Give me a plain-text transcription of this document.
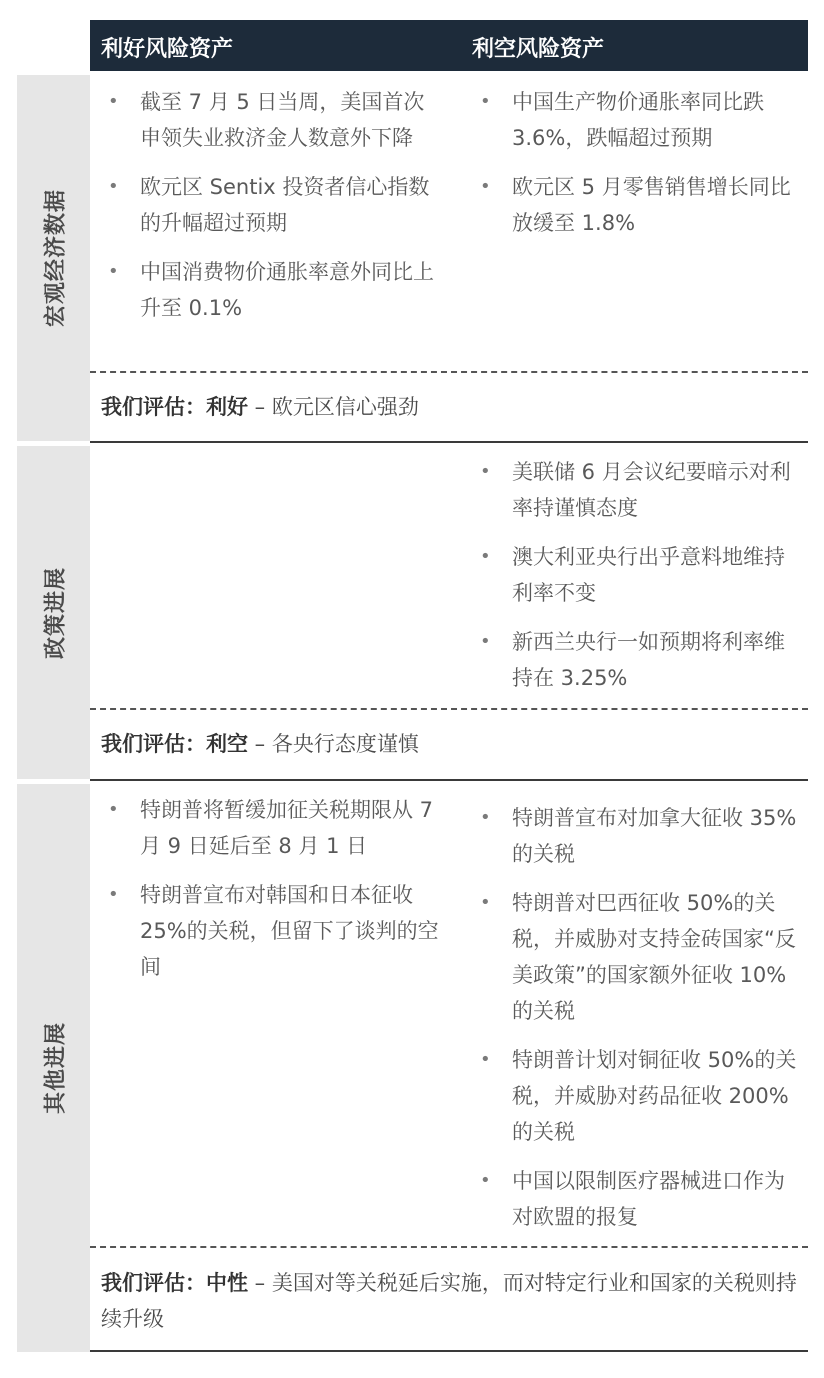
利好风险资产	利空风险资产
宏观经济数据
• 截至 7 月 5 日当周，美国首次申领失业救济金人数意外下降
• 欧元区 Sentix 投资者信心指数的升幅超过预期
• 中国消费物价通胀率意外同比上升至 0.1%
• 中国生产物价通胀率同比跌 3.6%，跌幅超过预期
• 欧元区 5 月零售销售增长同比放缓至 1.8%
我们评估：利好 – 欧元区信心强劲
政策进展
• 美联储 6 月会议纪要暗示对利率持谨慎态度
• 澳大利亚央行出乎意料地维持利率不变
• 新西兰央行一如预期将利率维持在 3.25%
我们评估：利空 – 各央行态度谨慎
其他进展
• 特朗普将暂缓加征关税期限从 7 月 9 日延后至 8 月 1 日
• 特朗普宣布对韩国和日本征收 25%的关税，但留下了谈判的空间
• 特朗普宣布对加拿大征收 35%的关税
• 特朗普对巴西征收 50%的关税，并威胁对支持金砖国家“反美政策”的国家额外征收 10%的关税
• 特朗普计划对铜征收 50%的关税，并威胁对药品征收 200%的关税
• 中国以限制医疗器械进口作为对欧盟的报复
我们评估：中性 – 美国对等关税延后实施，而对特定行业和国家的关税则持续升级
